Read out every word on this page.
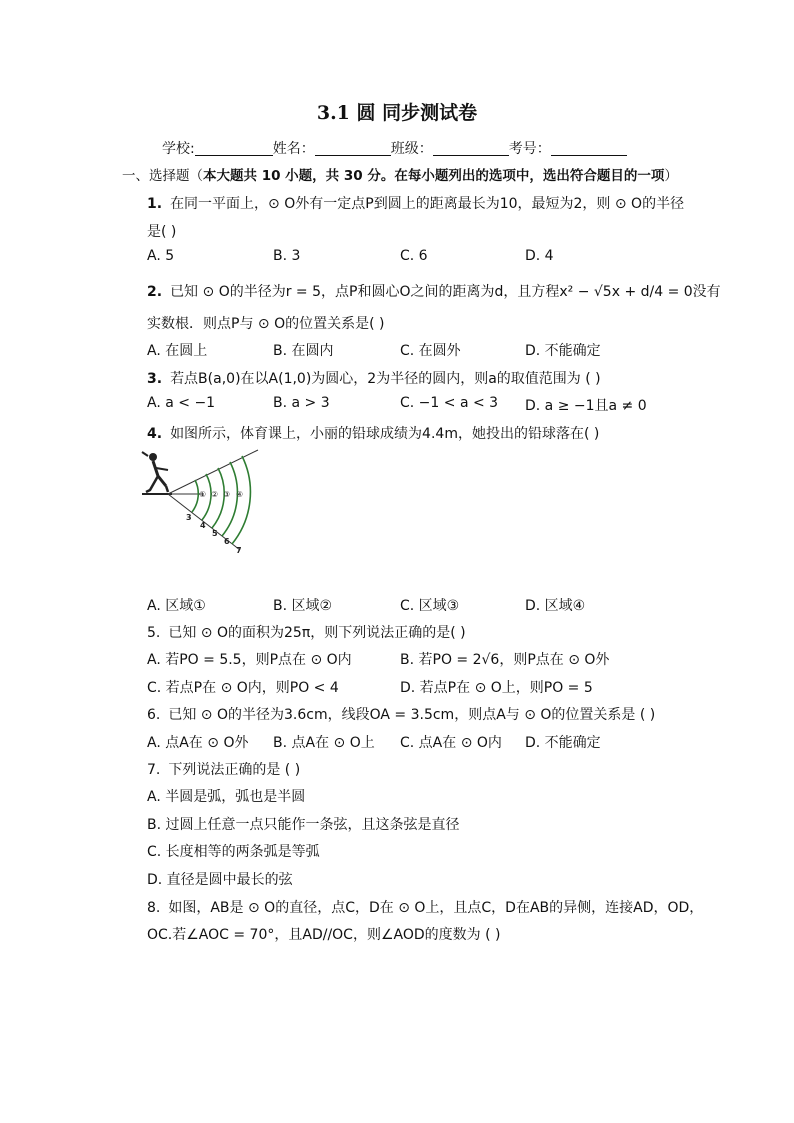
3.1 圆 同步测试卷
学校:	姓名：	班级：	考号：
一、选择题（本大题共 10 小题，共 30 分。在每小题列出的选项中，选出符合题目的一项）
1. 在同一平面上，⊙ O外有一定点P到圆上的距离最长为10，最短为2，则 ⊙ O的半径
是( )
A. 5	B. 3	C. 6	D. 4
2. 已知 ⊙ O的半径为r = 5，点P和圆心O之间的距离为d，且方程x² − √5x + d/4 = 0没有
实数根．则点P与 ⊙ O的位置关系是( )
A. 在圆上	B. 在圆内	C. 在圆外	D. 不能确定
3. 若点B(a,0)在以A(1,0)为圆心，2为半径的圆内，则a的取值范围为 ( )
A. a < −1	B. a > 3	C. −1 < a < 3 D. a ≥ −1且a ≠ 0
4. 如图所示，体育课上，小丽的铅球成绩为4.4m，她投出的铅球落在( )
① ② ③ ④
3
4
5
6
7
A. 区域①	B. 区域②	C. 区域③	D. 区域④
5. 已知 ⊙ O的面积为25π，则下列说法正确的是( )
A. 若PO = 5.5，则P点在 ⊙ O内	B. 若PO = 2√6，则P点在 ⊙ O外
C. 若点P在 ⊙ O内，则PO < 4	D. 若点P在 ⊙ O上，则PO = 5
6. 已知 ⊙ O的半径为3.6cm，线段OA = 3.5cm，则点A与 ⊙ O的位置关系是 ( )
A. 点A在 ⊙ O外 B. 点A在 ⊙ O上 C. 点A在 ⊙ O内 D. 不能确定
7. 下列说法正确的是 ( )
A. 半圆是弧，弧也是半圆
B. 过圆上任意一点只能作一条弦，且这条弦是直径
C. 长度相等的两条弧是等弧
D. 直径是圆中最长的弦
8. 如图，AB是 ⊙ O的直径，点C，D在 ⊙ O上，且点C，D在AB的异侧，连接AD，OD，
OC.若∠AOC = 70°，且AD//OC，则∠AOD的度数为 ( )
